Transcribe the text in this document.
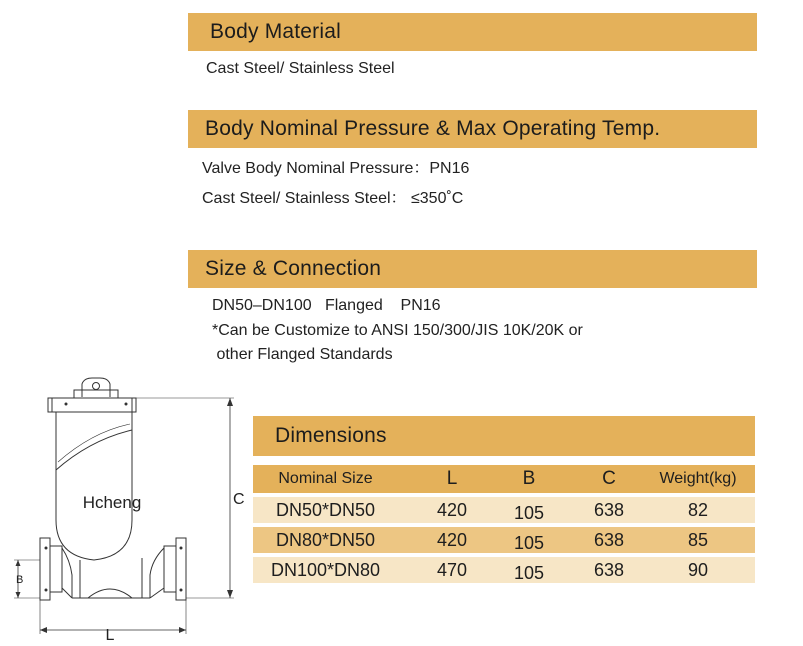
Body Material
Cast Steel/ Stainless Steel
Body Nominal Pressure & Max Operating Temp.
Valve Body Nominal Pressure：PN16
Cast Steel/ Stainless Steel： ≤350˚C
Size & Connection
DN50–DN100   Flanged    PN16
*Can be Customize to ANSI 150/300/JIS 10K/20K or
other Flanged Standards
Dimensions
Nominal Size	L	B	C	Weight(kg)
DN50*DN50	420	105	638	82
DN80*DN50	420	105	638	85
DN100*DN80	470	105	638	90
Hcheng	C
B
L
